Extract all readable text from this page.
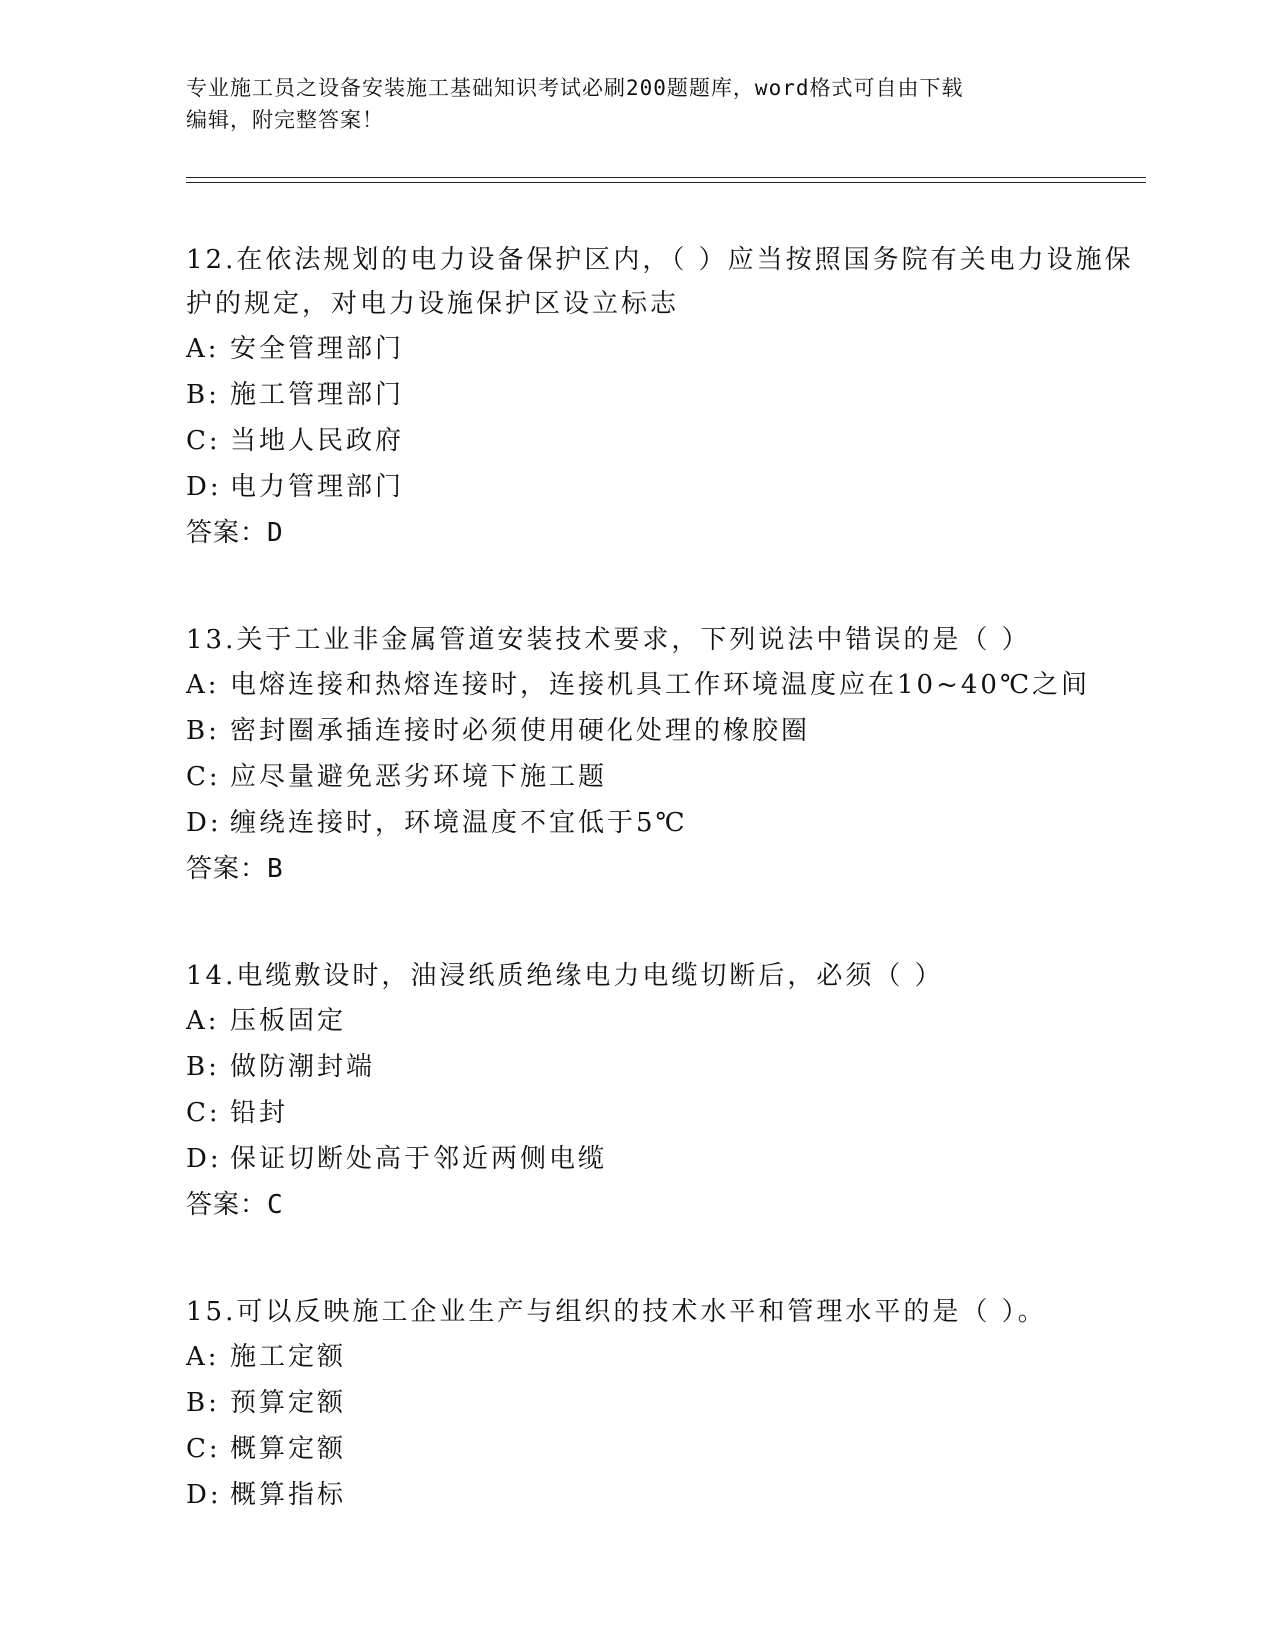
专业施工员之设备安装施工基础知识考试必刷200题题库，word格式可自由下载
编辑，附完整答案！
12.在依法规划的电力设备保护区内，（ ）应当按照国务院有关电力设施保护的规定，对电力设施保护区设立标志
A: 安全管理部门
B: 施工管理部门
C: 当地人民政府
D: 电力管理部门
答案：D
13.关于工业非金属管道安装技术要求，下列说法中错误的是（ ）
A: 电熔连接和热熔连接时，连接机具工作环境温度应在10~40℃之间
B: 密封圈承插连接时必须使用硬化处理的橡胶圈
C: 应尽量避免恶劣环境下施工题
D: 缠绕连接时，环境温度不宜低于5℃
答案：B
14.电缆敷设时，油浸纸质绝缘电力电缆切断后，必须（ ）
A: 压板固定
B: 做防潮封端
C: 铅封
D: 保证切断处高于邻近两侧电缆
答案：C
15.可以反映施工企业生产与组织的技术水平和管理水平的是（ ）。
A: 施工定额
B: 预算定额
C: 概算定额
D: 概算指标
